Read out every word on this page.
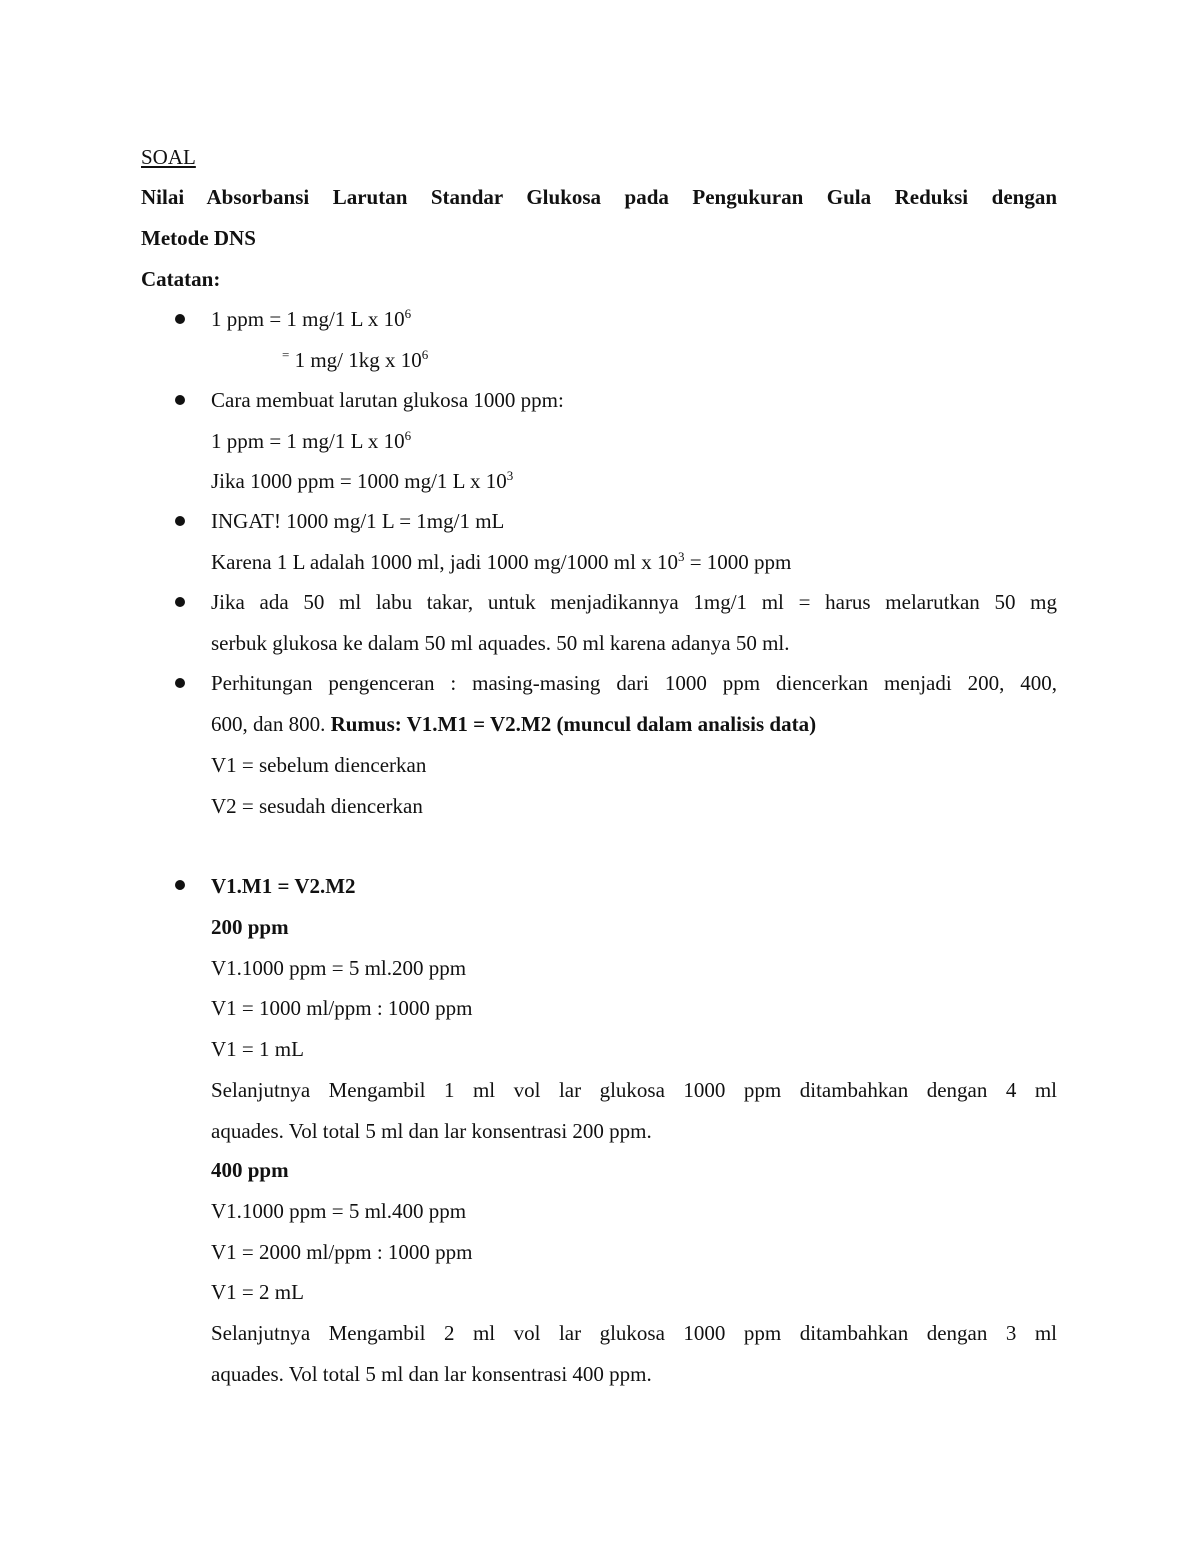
SOAL
Nilai Absorbansi Larutan Standar Glukosa pada Pengukuran Gula Reduksi dengan
Metode DNS
Catatan:
1 ppm = 1 mg/1 L x $10^6$
= 1 mg/ 1kg x $10^6$
Cara membuat larutan glukosa 1000 ppm:
1 ppm = 1 mg/1 L x $10^6$
Jika 1000 ppm = 1000 mg/1 L x $10^3$
INGAT! 1000 mg/1 L = 1mg/1 mL
Karena 1 L adalah 1000 ml, jadi 1000 mg/1000 ml x $10^3 = 1000$ ppm
Jika ada 50 ml labu takar, untuk menjadikannya 1mg/1 ml = harus melarutkan 50 mg
serbuk glukosa ke dalam 50 ml aquades. 50 ml karena adanya 50 ml.
Perhitungan pengenceran : masing-masing dari 1000 ppm diencerkan menjadi 200, 400,
600, dan 800. Rumus: V1.M1 = V2.M2 (muncul dalam analisis data)
V1 = sebelum diencerkan
V2 = sesudah diencerkan
V1.M1 = V2.M2
200 ppm
V1.1000 ppm = 5 ml.200 ppm
V1 = 1000 ml/ppm : 1000 ppm
V1 = 1 mL
Selanjutnya Mengambil 1 ml vol lar glukosa 1000 ppm ditambahkan dengan 4 ml
aquades. Vol total 5 ml dan lar konsentrasi 200 ppm.
400 ppm
V1.1000 ppm = 5 ml.400 ppm
V1 = 2000 ml/ppm : 1000 ppm
V1 = 2 mL
Selanjutnya Mengambil 2 ml vol lar glukosa 1000 ppm ditambahkan dengan 3 ml
aquades. Vol total 5 ml dan lar konsentrasi 400 ppm.
